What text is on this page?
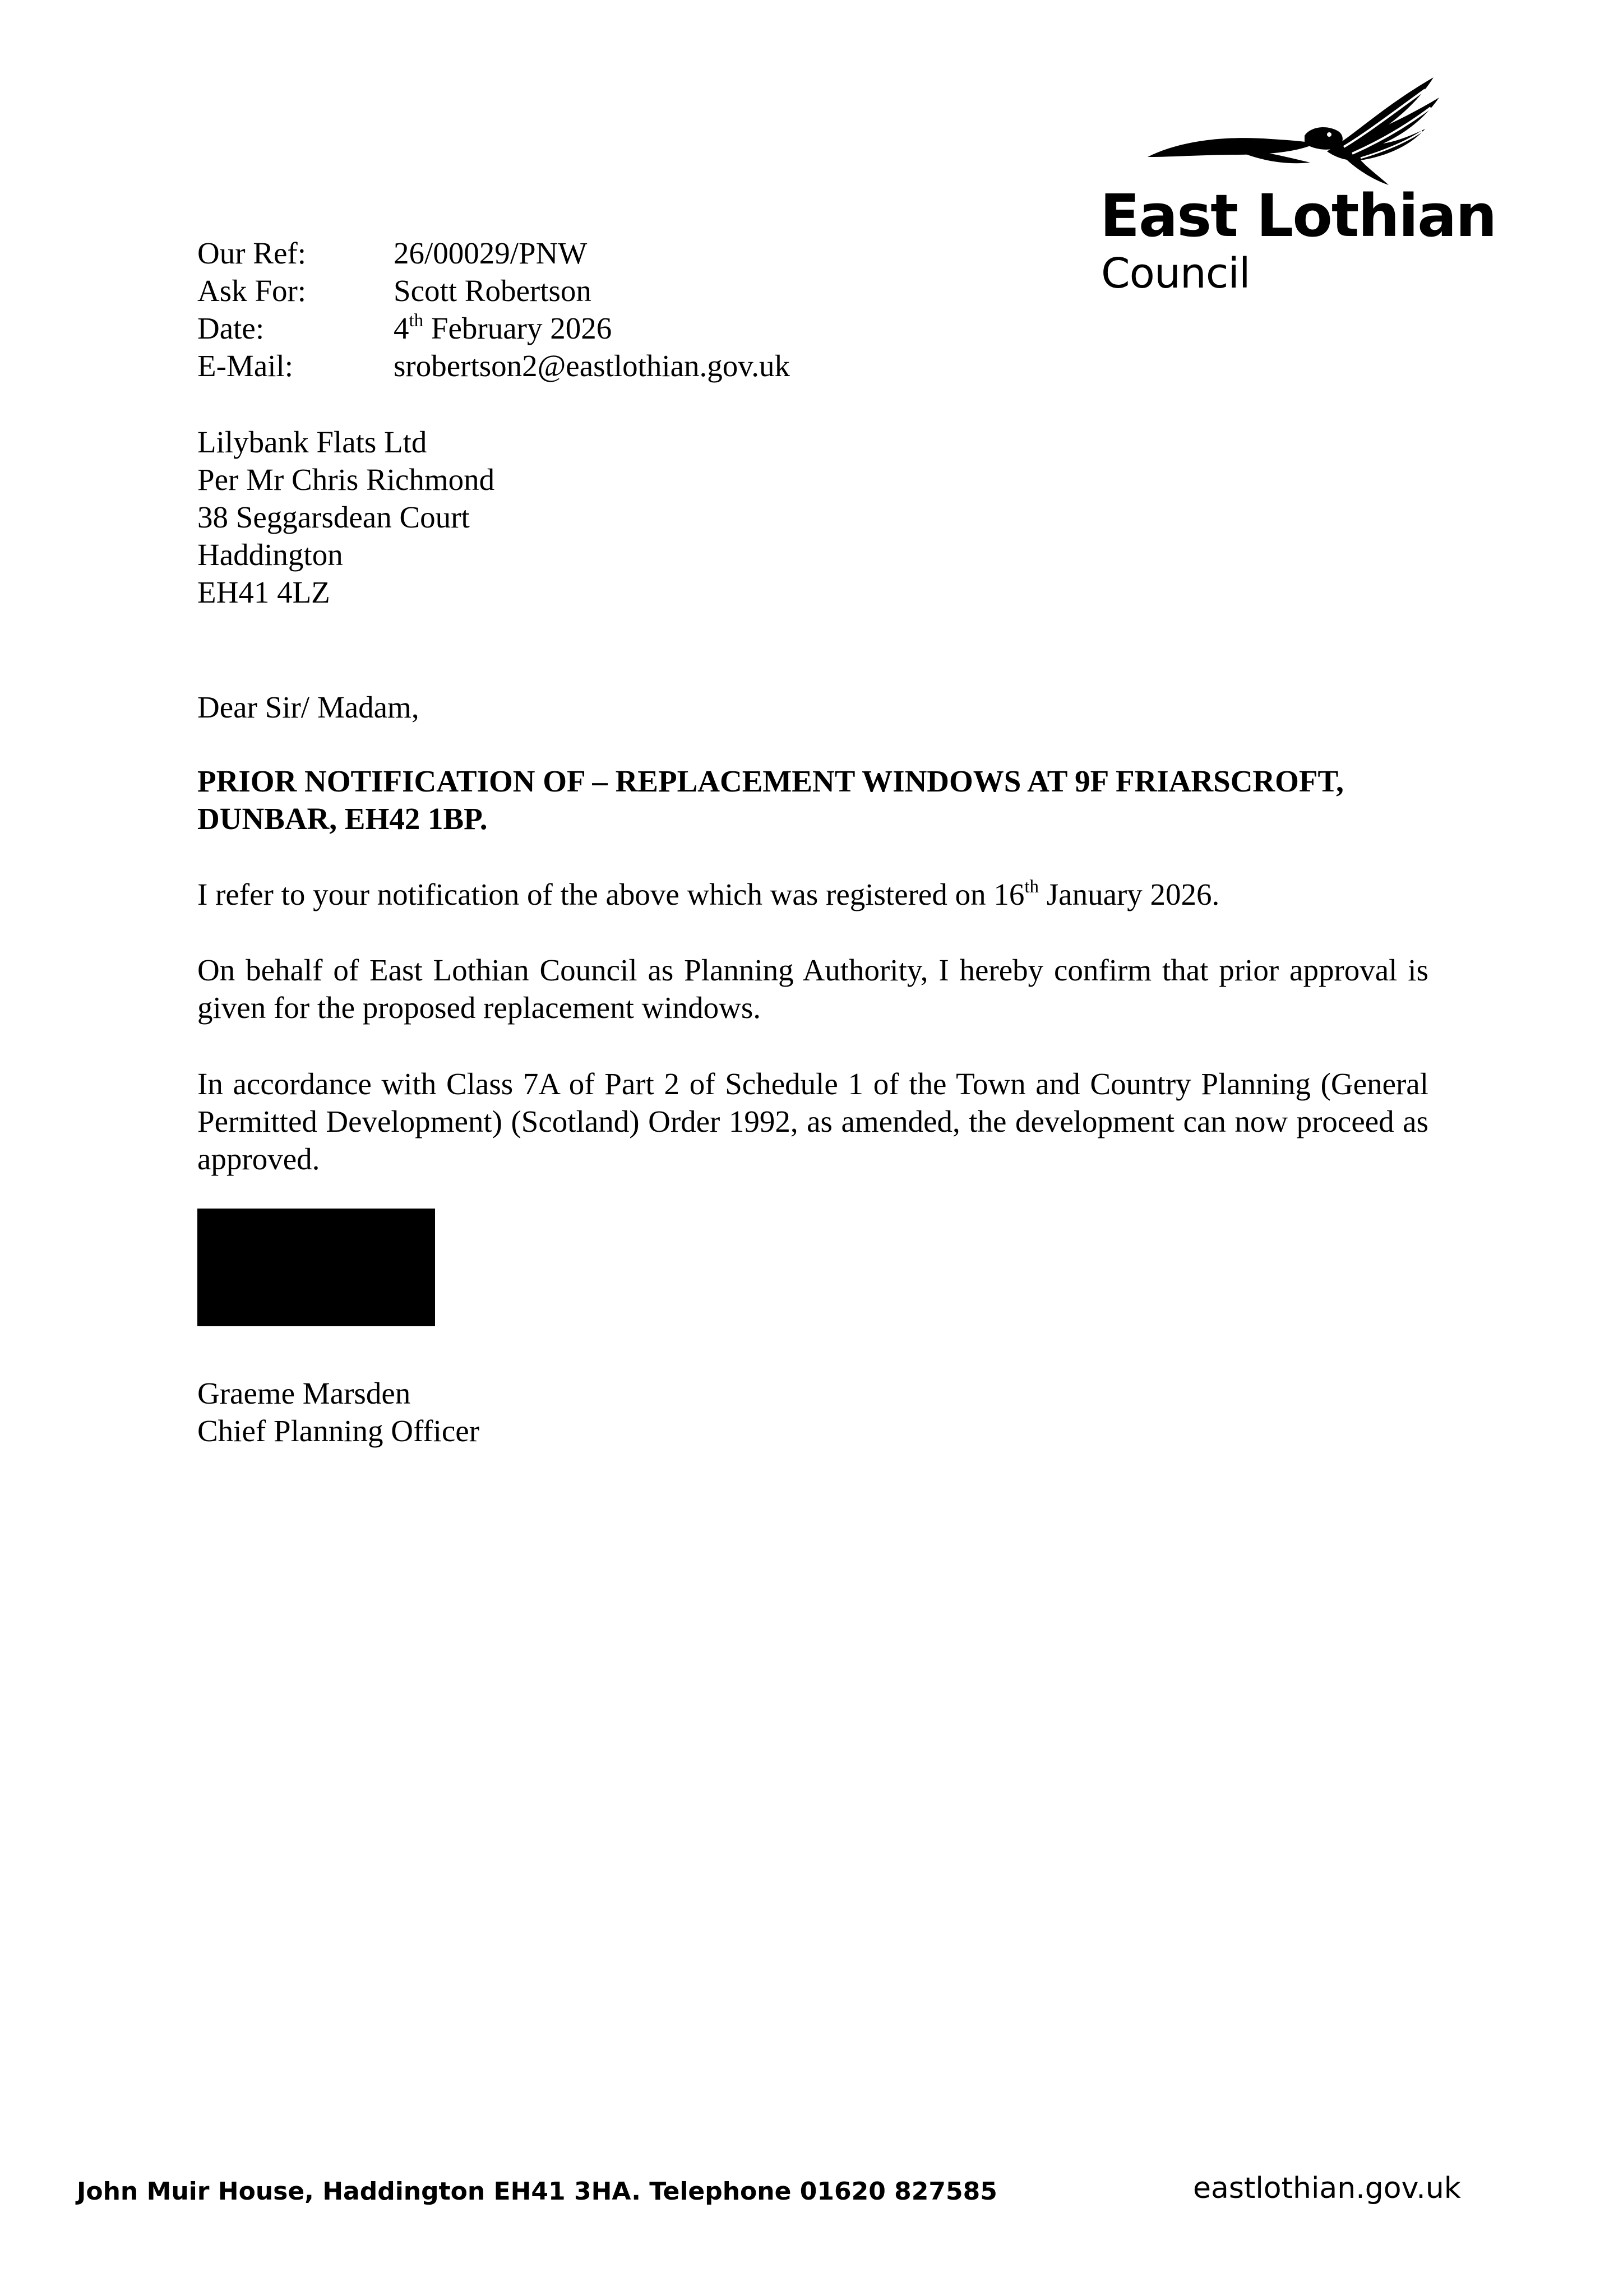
East Lothian
Council
Our Ref:	26/00029/PNW
Ask For:	Scott Robertson
Date:	4th February 2026
E-Mail:	srobertson2@eastlothian.gov.uk
Lilybank Flats Ltd
Per Mr Chris Richmond
38 Seggarsdean Court
Haddington
EH41 4LZ
Dear Sir/ Madam,
PRIOR NOTIFICATION OF – REPLACEMENT WINDOWS AT 9F FRIARSCROFT, DUNBAR, EH42 1BP.
I refer to your notification of the above which was registered on 16th January 2026.
On behalf of East Lothian Council as Planning Authority, I hereby confirm that prior approval is given for the proposed replacement windows.
In accordance with Class 7A of Part 2 of Schedule 1 of the Town and Country Planning (General Permitted Development) (Scotland) Order 1992, as amended, the development can now proceed as approved.
Graeme Marsden
Chief Planning Officer
John Muir House, Haddington EH41 3HA. Telephone 01620 827585	eastlothian.gov.uk
